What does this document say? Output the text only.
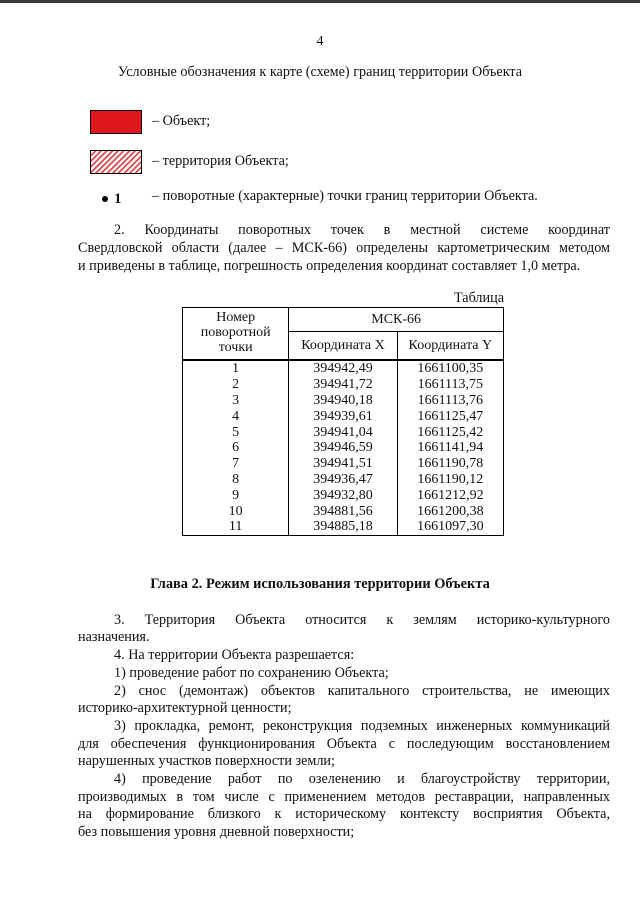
4
Условные обозначения к карте (схеме) границ территории Объекта
– Объект;
– территория Объекта;
1 – поворотные (характерные) точки границ территории Объекта.
2. Координаты поворотных точек в местной системе координат
Свердловской области (далее – МСК-66) определены картометрическим методом
и приведены в таблице, погрешность определения координат составляет 1,0 метра.
Таблица
Номер поворотной точки	МСК-66	
	Координата X	Координата Y
1	394942,49	1661100,35
2	394941,72	1661113,75
3	394940,18	1661113,76
4	394939,61	1661125,47
5	394941,04	1661125,42
6	394946,59	1661141,94
7	394941,51	1661190,78
8	394936,47	1661190,12
9	394932,80	1661212,92
10	394881,56	1661200,38
11	394885,18	1661097,30
Глава 2. Режим использования территории Объекта
3. Территория Объекта относится к землям историко-культурного
назначения.
4. На территории Объекта разрешается:
1) проведение работ по сохранению Объекта;
2) снос (демонтаж) объектов капитального строительства, не имеющих
историко-архитектурной ценности;
3) прокладка, ремонт, реконструкция подземных инженерных коммуникаций
для обеспечения функционирования Объекта с последующим восстановлением
нарушенных участков поверхности земли;
4) проведение работ по озеленению и благоустройству территории,
производимых в том числе с применением методов реставрации, направленных
на формирование близкого к историческому контексту восприятия Объекта,
без повышения уровня дневной поверхности;
